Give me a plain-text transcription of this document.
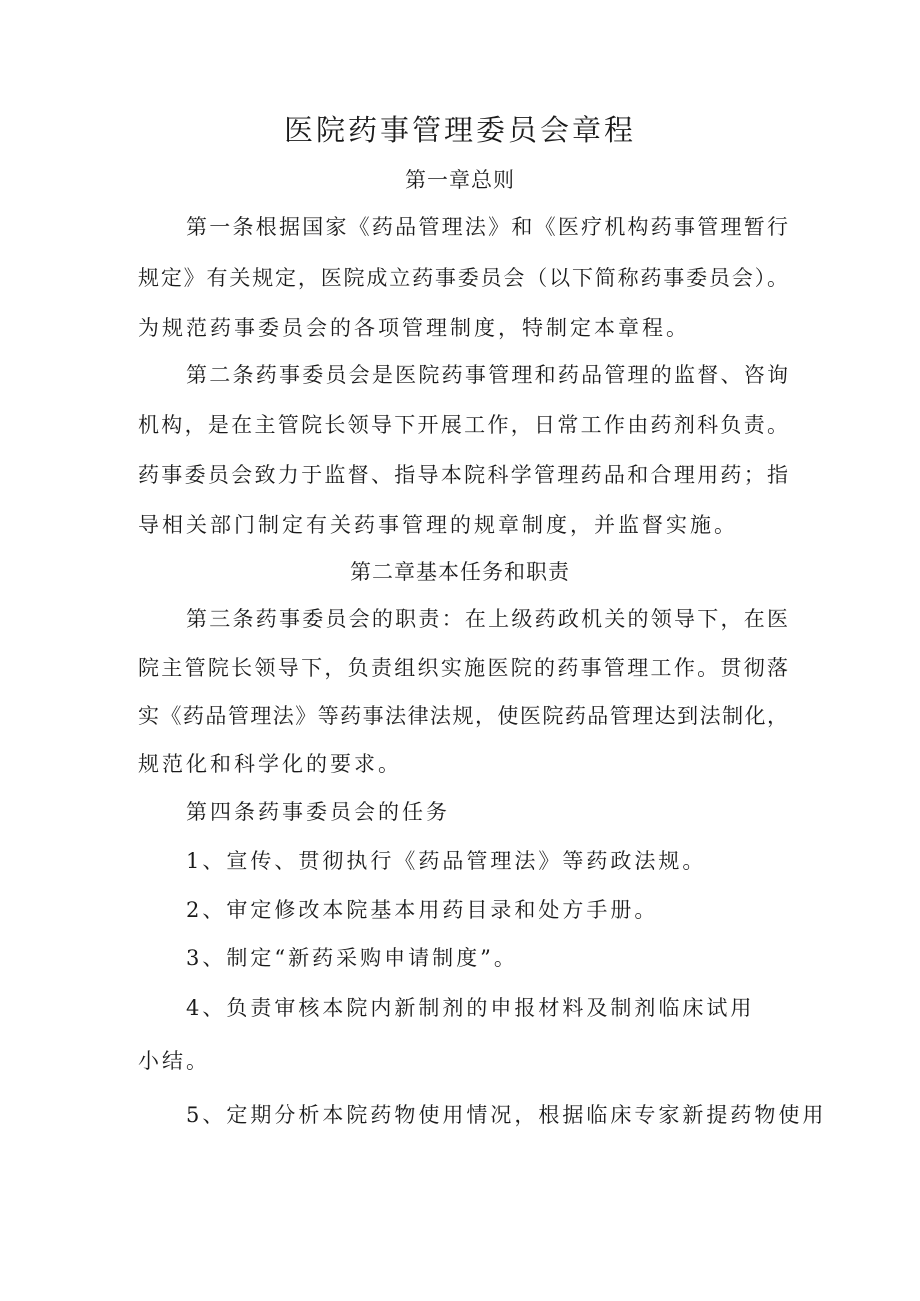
医院药事管理委员会章程
第一章总则

第一条根据国家《药品管理法》和《医疗机构药事管理暂行

规定》有关规定，医院成立药事委员会（以下简称药事委员会）。

为规范药事委员会的各项管理制度，特制定本章程。

第二条药事委员会是医院药事管理和药品管理的监督、咨询

机构，是在主管院长领导下开展工作，日常工作由药剂科负责。

药事委员会致力于监督、指导本院科学管理药品和合理用药；指

导相关部门制定有关药事管理的规章制度，并监督实施。

第二章基本任务和职责

第三条药事委员会的职责：在上级药政机关的领导下，在医

院主管院长领导下，负责组织实施医院的药事管理工作。贯彻落

实《药品管理法》等药事法律法规，使医院药品管理达到法制化，

规范化和科学化的要求。

第四条药事委员会的任务

1、宣传、贯彻执行《药品管理法》等药政法规。

2、审定修改本院基本用药目录和处方手册。

3、制定“新药采购申请制度”。

4、负责审核本院内新制剂的申报材料及制剂临床试用

小结。

5、定期分析本院药物使用情况，根据临床专家新提药物使用
